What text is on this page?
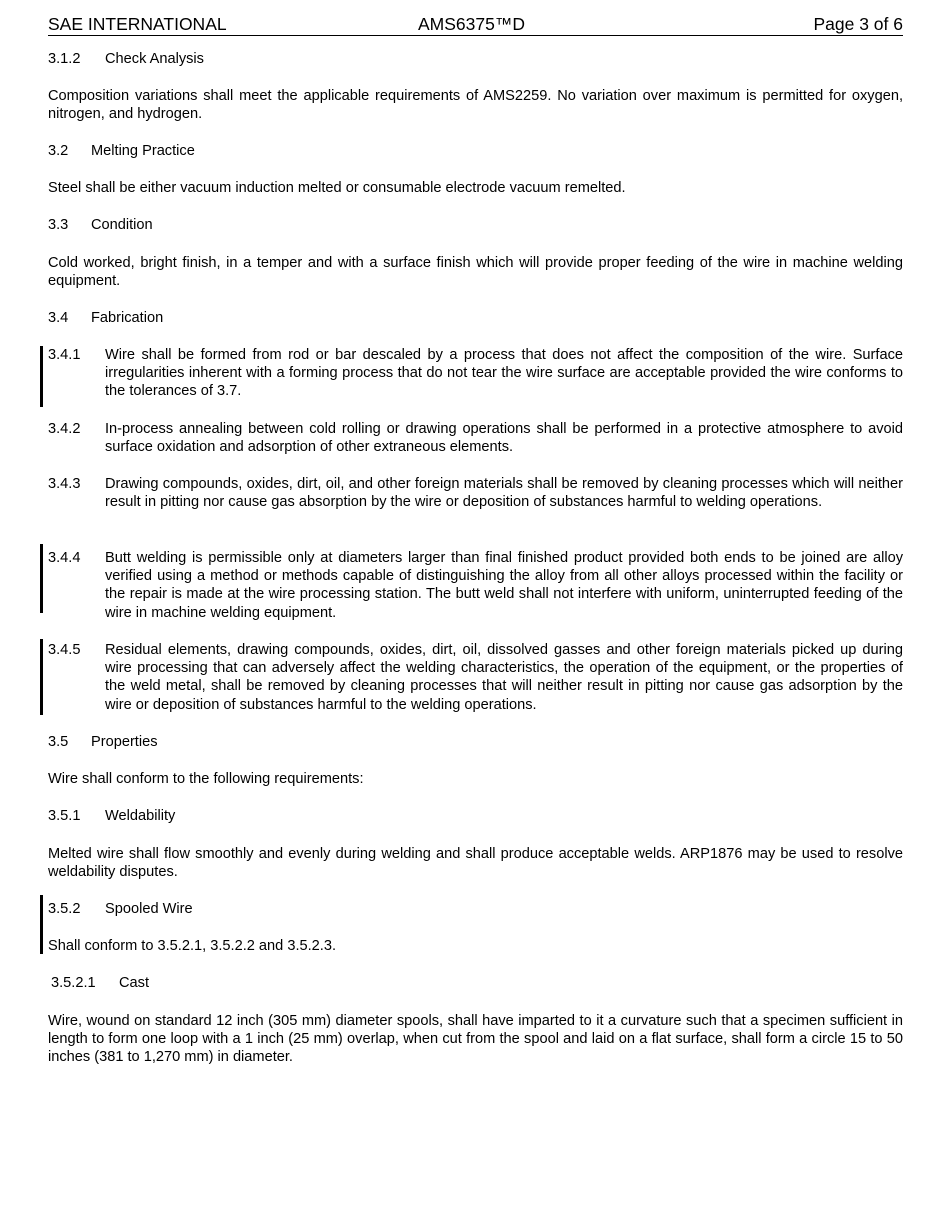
SAE INTERNATIONAL	AMS6375™D	Page 3 of 6
3.1.2 Check Analysis
Composition variations shall meet the applicable requirements of AMS2259. No variation over maximum is permitted for oxygen, nitrogen, and hydrogen.
3.2 Melting Practice
Steel shall be either vacuum induction melted or consumable electrode vacuum remelted.
3.3 Condition
Cold worked, bright finish, in a temper and with a surface finish which will provide proper feeding of the wire in machine welding equipment.
3.4 Fabrication
3.4.1 Wire shall be formed from rod or bar descaled by a process that does not affect the composition of the wire. Surface irregularities inherent with a forming process that do not tear the wire surface are acceptable provided the wire conforms to the tolerances of 3.7.
3.4.2 In-process annealing between cold rolling or drawing operations shall be performed in a protective atmosphere to avoid surface oxidation and adsorption of other extraneous elements.
3.4.3 Drawing compounds, oxides, dirt, oil, and other foreign materials shall be removed by cleaning processes which will neither result in pitting nor cause gas absorption by the wire or deposition of substances harmful to welding operations.
3.4.4 Butt welding is permissible only at diameters larger than final finished product provided both ends to be joined are alloy verified using a method or methods capable of distinguishing the alloy from all other alloys processed within the facility or the repair is made at the wire processing station. The butt weld shall not interfere with uniform, uninterrupted feeding of the wire in machine welding equipment.
3.4.5 Residual elements, drawing compounds, oxides, dirt, oil, dissolved gasses and other foreign materials picked up during wire processing that can adversely affect the welding characteristics, the operation of the equipment, or the properties of the weld metal, shall be removed by cleaning processes that will neither result in pitting nor cause gas adsorption by the wire or deposition of substances harmful to the welding operations.
3.5 Properties
Wire shall conform to the following requirements:
3.5.1 Weldability
Melted wire shall flow smoothly and evenly during welding and shall produce acceptable welds. ARP1876 may be used to resolve weldability disputes.
3.5.2 Spooled Wire
Shall conform to 3.5.2.1, 3.5.2.2 and 3.5.2.3.
3.5.2.1 Cast
Wire, wound on standard 12 inch (305 mm) diameter spools, shall have imparted to it a curvature such that a specimen sufficient in length to form one loop with a 1 inch (25 mm) overlap, when cut from the spool and laid on a flat surface, shall form a circle 15 to 50 inches (381 to 1,270 mm) in diameter.
